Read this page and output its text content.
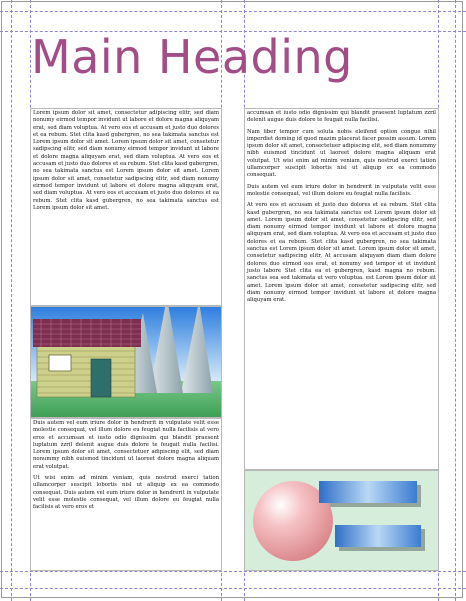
Main Heading

Lorem ipsum dolor sit amet, consectetur adipiscing elitr, sed diam nonumy eirmod tempor invidunt ut labore et dolore magna aliquyam erat, sed diam voluptua. At vero eos et accusam et justo duo dolores et ea rebum. Stet clita kasd gubergren, no sea takimata sanctus est Lorem ipsum dolor sit amet. Lorem ipsum dolor sit amet, consetetur sadipscing elitr, sed diam nonumy eirmod tempor invidunt ut labore et dolore magna aliquyam erat, sed diam voluptua. At vero eos et accusam et justo duo dolores et ea rebum. Stet clita kasd gubergren, no sea takimata sanctus est Lorem ipsum dolor sit amet. Lorem ipsum dolor sit amet, consetetur sadipscing elitr, sed diam nonumy eirmod tempor invidunt ut labore et dolore magna aliquyam erat, sed diam voluptua. At vero eos et accusam et justo duo dolores et ea rebum. Stet clita kasd gubergren, no sea takimata sanctus est Lorem ipsum dolor sit amet.

Duis autem vel eum iriure dolor in hendrerit in vulputate velit esse molestie consequat, vel illum dolore eu feugiat nulla facilisis at vero eros et accumsan et iusto odio dignissim qui blandit praesent luptatum zzril delenit augue duis dolore te feugait nulla facilisi. Lorem ipsum dolor sit amet, consectetuer adipiscing elit, sed diam nonummy nibh euismod tincidunt ut laoreet dolore magna aliquam erat volutpat.

Ut wisi enim ad minim veniam, quis nostrud exerci tation ullamcorper suscipit lobortis nisl ut aliquip ex ea commodo consequat. Duis autem vel eum iriure dolor in hendrerit in vulputate velit esse molestie consequat, vel illum dolore eu feugiat nulla facilisis at vero eros et

accumsan et iusto odio dignissim qui blandit praesent luptatum zzril delenit augue duis dolore te feugait nulla facilisi.

Nam liber tempor cum soluta nobis eleifend option congue nihil imperdiet doming id quod mazim placerat facer possim assum. Lorem ipsum dolor sit amet, consectetuer adipiscing elit, sed diam nonummy nibh euismod tincidunt ut laoreet dolore magna aliquam erat volutpat. Ut wisi enim ad minim veniam, quis nostrud exerci tation ullamcorper suscipit lobortis nisl ut aliquip ex ea commodo consequat.

Duis autem vel eum iriure dolor in hendrerit in vulputate velit esse molestie consequat, vel illum dolore eu feugiat nulla facilisis.

At vero eos et accusam et justo duo dolores et ea rebum. Stet clita kasd gubergren, no sea takimata sanctus est Lorem ipsum dolor sit amet. Lorem ipsum dolor sit amet, consetetur sadipscing elitr, sed diam nonumy eirmod tempor invidunt ut labore et dolore magna aliquyam erat, sed diam voluptua. At vero eos et accusam et justo duo dolores et ea rebum. Stet clita kasd gubergren, no sea takimata sanctus est Lorem ipsum dolor sit amet. Lorem ipsum dolor sit amet, consetetur sadipscing elitr, At accusam aliquyam diam diam dolore dolores duo eirmod eos erat, et nonumy sed tempor et et invidunt justo labore Stet clita ea et gubergren, kasd magna no rebum. sanctus sea sed takimata ut vero voluptua. est Lorem ipsum dolor sit amet. Lorem ipsum dolor sit amet, consetetur sadipscing elitr, sed diam nonumy eirmod tempor invidunt ut labore et dolore magna aliquyam erat.
